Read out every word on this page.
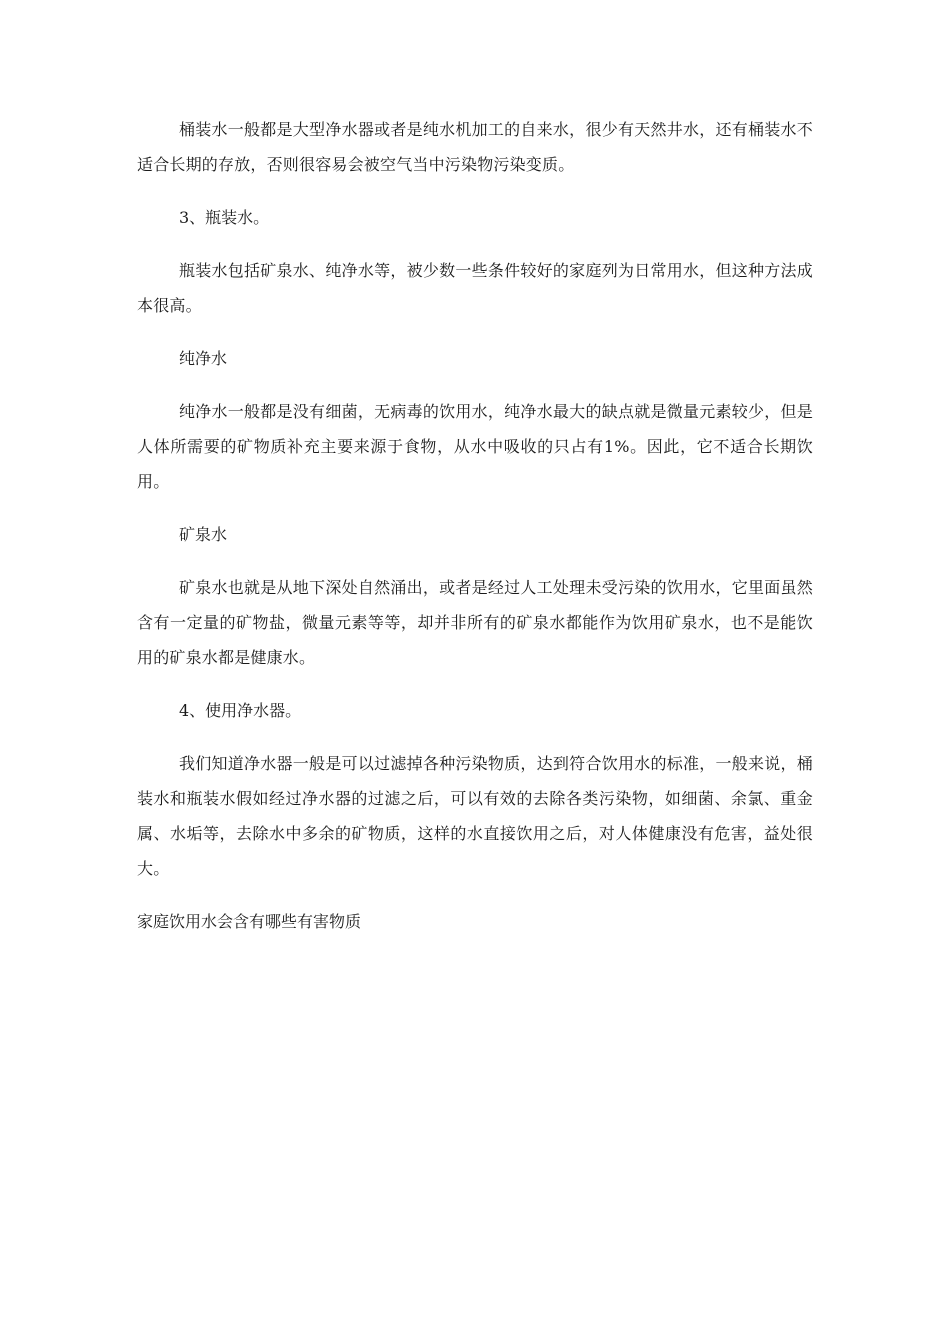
桶装水一般都是大型净水器或者是纯水机加工的自来水，很少有天然井水，还有桶装水不适合长期的存放，否则很容易会被空气当中污染物污染变质。

3、瓶装水。

瓶装水包括矿泉水、纯净水等，被少数一些条件较好的家庭列为日常用水，但这种方法成本很高。

纯净水

纯净水一般都是没有细菌，无病毒的饮用水，纯净水最大的缺点就是微量元素较少，但是人体所需要的矿物质补充主要来源于食物，从水中吸收的只占有1%。因此，它不适合长期饮用。

矿泉水

矿泉水也就是从地下深处自然涌出，或者是经过人工处理未受污染的饮用水，它里面虽然含有一定量的矿物盐，微量元素等等，却并非所有的矿泉水都能作为饮用矿泉水，也不是能饮用的矿泉水都是健康水。

4、使用净水器。

我们知道净水器一般是可以过滤掉各种污染物质，达到符合饮用水的标准，一般来说，桶装水和瓶装水假如经过净水器的过滤之后，可以有效的去除各类污染物，如细菌、余氯、重金属、水垢等，去除水中多余的矿物质，这样的水直接饮用之后，对人体健康没有危害，益处很大。

家庭饮用水会含有哪些有害物质
